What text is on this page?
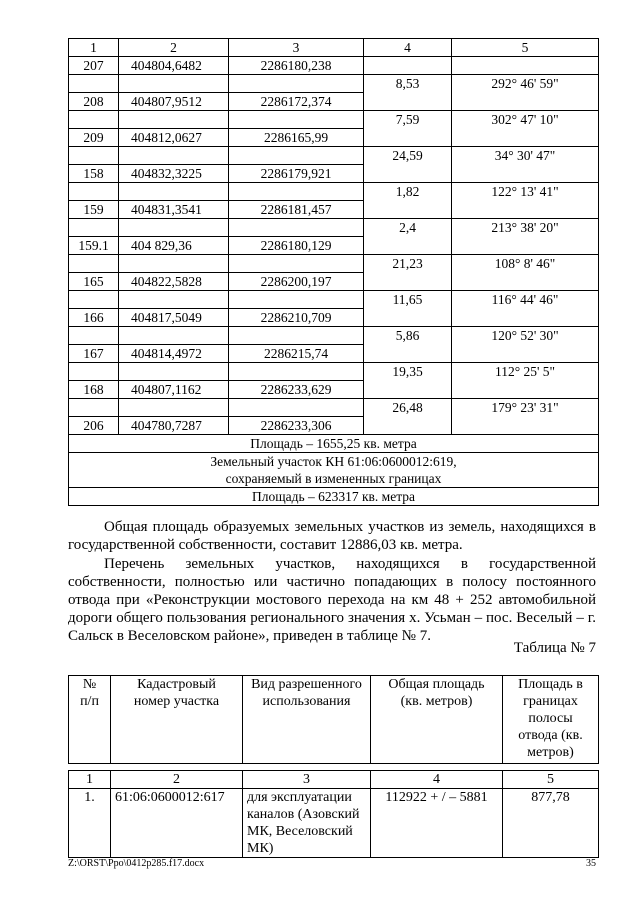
1	2	3	4	5
207	404804,6482	2286180,238		
			8,53	292° 46' 59"
208	404807,9512	2286172,374		
			7,59	302° 47' 10"
209	404812,0627	2286165,99		
			24,59	34° 30' 47"
158	404832,3225	2286179,921		
			1,82	122° 13' 41"
159	404831,3541	2286181,457		
			2,4	213° 38' 20"
159.1	404 829,36	2286180,129		
			21,23	108° 8' 46"
165	404822,5828	2286200,197		
			11,65	116° 44' 46"
166	404817,5049	2286210,709		
			5,86	120° 52' 30"
167	404814,4972	2286215,74		
			19,35	112° 25' 5"
168	404807,1162	2286233,629		
			26,48	179° 23' 31"
206	404780,7287	2286233,306		
Площадь – 1655,25 кв. метра				

Земельный участок КН 61:06:0600012:619,
сохраняемый в измененных границах				

Площадь – 623317 кв. метра				

Общая площадь образуемых земельных участков из земель, находящихся в государственной собственности, составит 12886,03 кв. метра.

Перечень земельных участков, находящихся в государственной собственности, полностью или частично попадающих в полосу постоянного отвода при «Реконструкции мостового перехода на км 48 + 252 автомобильной дороги общего пользования регионального значения х. Усьман – пос. Веселый – г. Сальск в Веселовском районе», приведен в таблице № 7.

Таблица № 7
№ п/п	Кадастровый номер участка	Вид разрешенного использования	Общая площадь (кв. метров)	Площадь в границах полосы отвода (кв. метров)

1	2	3	4	5
1.	61:06:0600012:617	для эксплуатации каналов (Азовский МК, Веселовский МК)	112922 + / – 5881	877,78
Z:\ORST\Ppo\0412p285.f17.docx	35
